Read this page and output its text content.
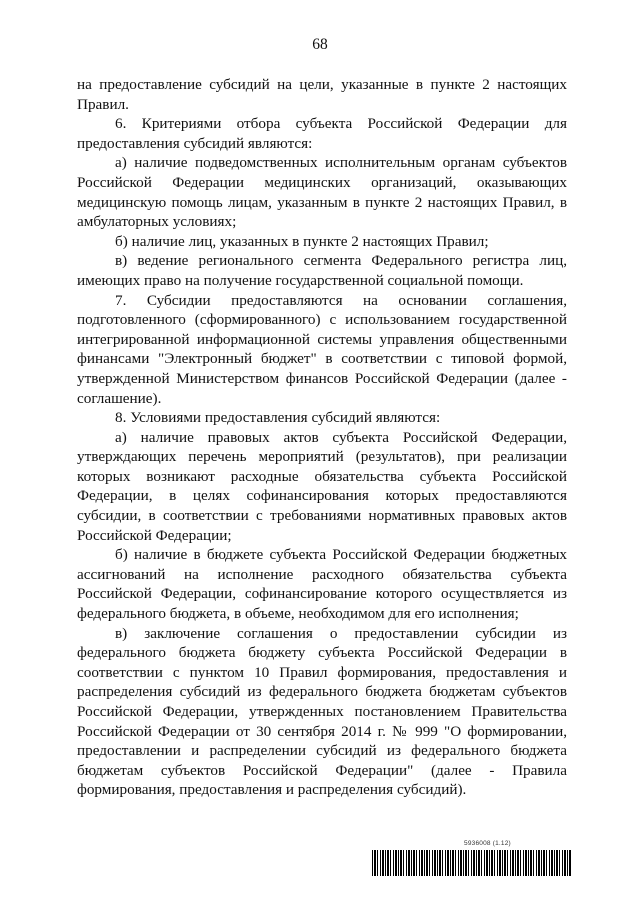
68

на предоставление субсидий на цели, указанные в пункте 2 настоящих Правил.

6. Критериями отбора субъекта Российской Федерации для предоставления субсидий являются:

а) наличие подведомственных исполнительным органам субъектов Российской Федерации медицинских организаций, оказывающих медицинскую помощь лицам, указанным в пункте 2 настоящих Правил, в амбулаторных условиях;

б) наличие лиц, указанных в пункте 2 настоящих Правил;

в) ведение регионального сегмента Федерального регистра лиц, имеющих право на получение государственной социальной помощи.

7. Субсидии предоставляются на основании соглашения, подготовленного (сформированного) с использованием государственной интегрированной информационной системы управления общественными финансами "Электронный бюджет" в соответствии с типовой формой, утвержденной Министерством финансов Российской Федерации (далее - соглашение).

8. Условиями предоставления субсидий являются:

а) наличие правовых актов субъекта Российской Федерации, утверждающих перечень мероприятий (результатов), при реализации которых возникают расходные обязательства субъекта Российской Федерации, в целях софинансирования которых предоставляются субсидии, в соответствии с требованиями нормативных правовых актов Российской Федерации;

б) наличие в бюджете субъекта Российской Федерации бюджетных ассигнований на исполнение расходного обязательства субъекта Российской Федерации, софинансирование которого осуществляется из федерального бюджета, в объеме, необходимом для его исполнения;

в) заключение соглашения о предоставлении субсидии из федерального бюджета бюджету субъекта Российской Федерации в соответствии с пунктом 10 Правил формирования, предоставления и распределения субсидий из федерального бюджета бюджетам субъектов Российской Федерации, утвержденных постановлением Правительства Российской Федерации от 30 сентября 2014 г. № 999 "О формировании, предоставлении и распределении субсидий из федерального бюджета бюджетам субъектов Российской Федерации" (далее - Правила формирования, предоставления и распределения субсидий).

5936008 (1.12)
